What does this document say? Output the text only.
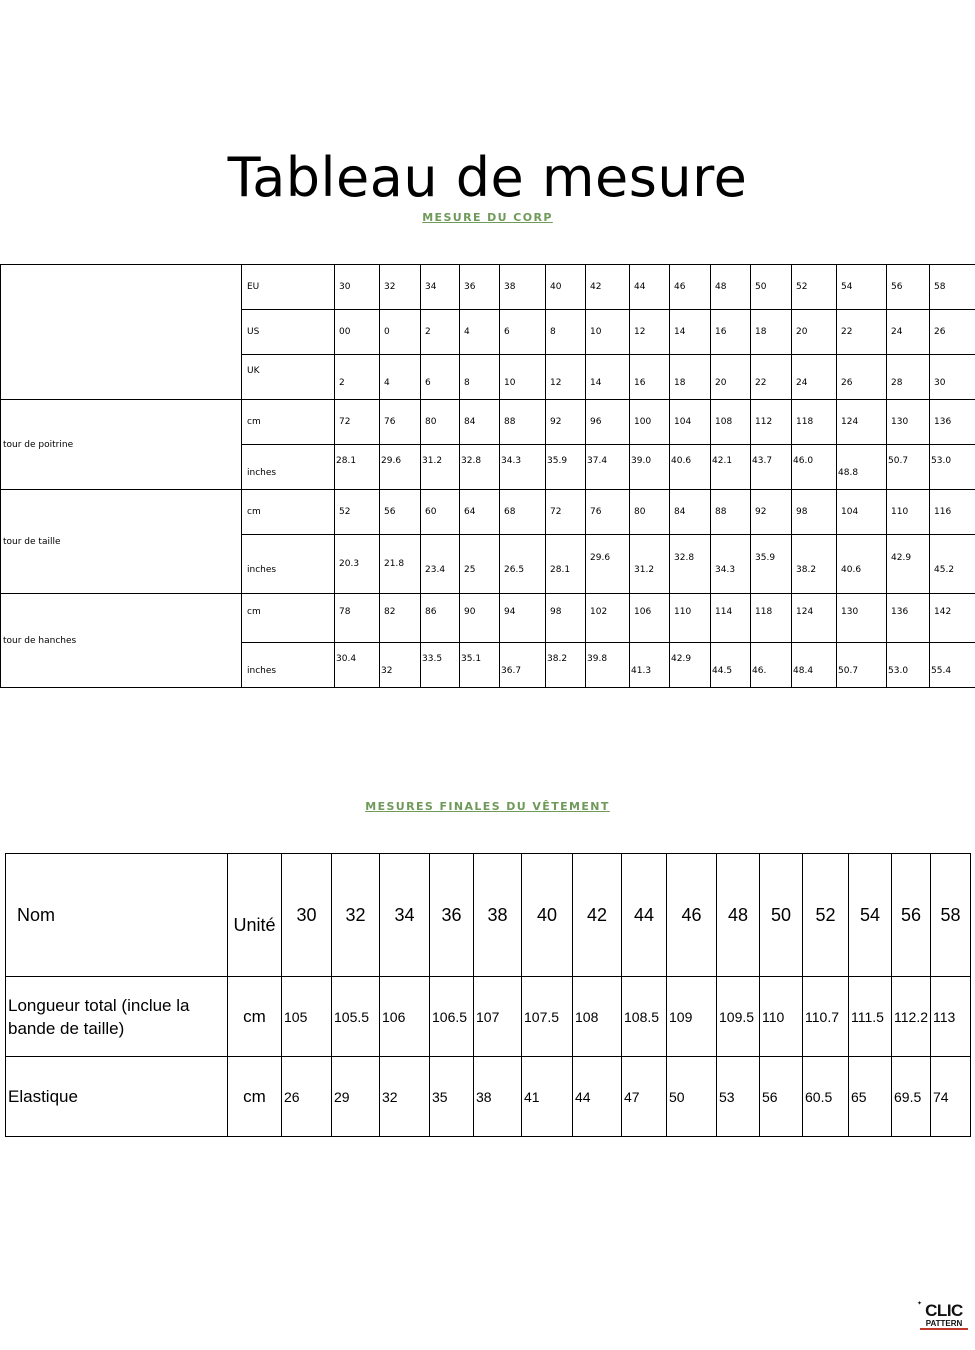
Tableau de mesure
MESURE DU CORP
	EU	30	32	34	36	38	40	42	44	46	48	50	52	54	56	58
	US	00	0	2	4	6	8	10	12	14	16	18	20	22	24	26
	UK	2	4	6	8	10	12	14	16	18	20	22	24	26	28	30
tour de poitrine	cm	72	76	80	84	88	92	96	100	104	108	112	118	124	130	136
	inches	28.1	29.6	31.2	32.8	34.3	35.9	37.4	39.0	40.6	42.1	43.7	46.0	48.8	50.7	53.0
tour de taille	cm	52	56	60	64	68	72	76	80	84	88	92	98	104	110	116
	inches	20.3	21.8	23.4	25	26.5	28.1	29.6	31.2	32.8	34.3	35.9	38.2	40.6	42.9	45.2
tour de hanches	cm	78	82	86	90	94	98	102	106	110	114	118	124	130	136	142
	inches	30.4	32	33.5	35.1	36.7	38.2	39.8	41.3	42.9	44.5	46.	48.4	50.7	53.0	55.4
MESURES FINALES DU VÊTEMENT
Nom	Unité	30	32	34	36	38	40	42	44	46	48	50	52	54	56	58
Longueur total (inclue la bande de taille)	cm	105	105.5	106	106.5	107	107.5	108	108.5	109	109.5	110	110.7	111.5	112.2	113
Elastique	cm	26	29	32	35	38	41	44	47	50	53	56	60.5	65	69.5	74
✦ CLIC
PATTERN
